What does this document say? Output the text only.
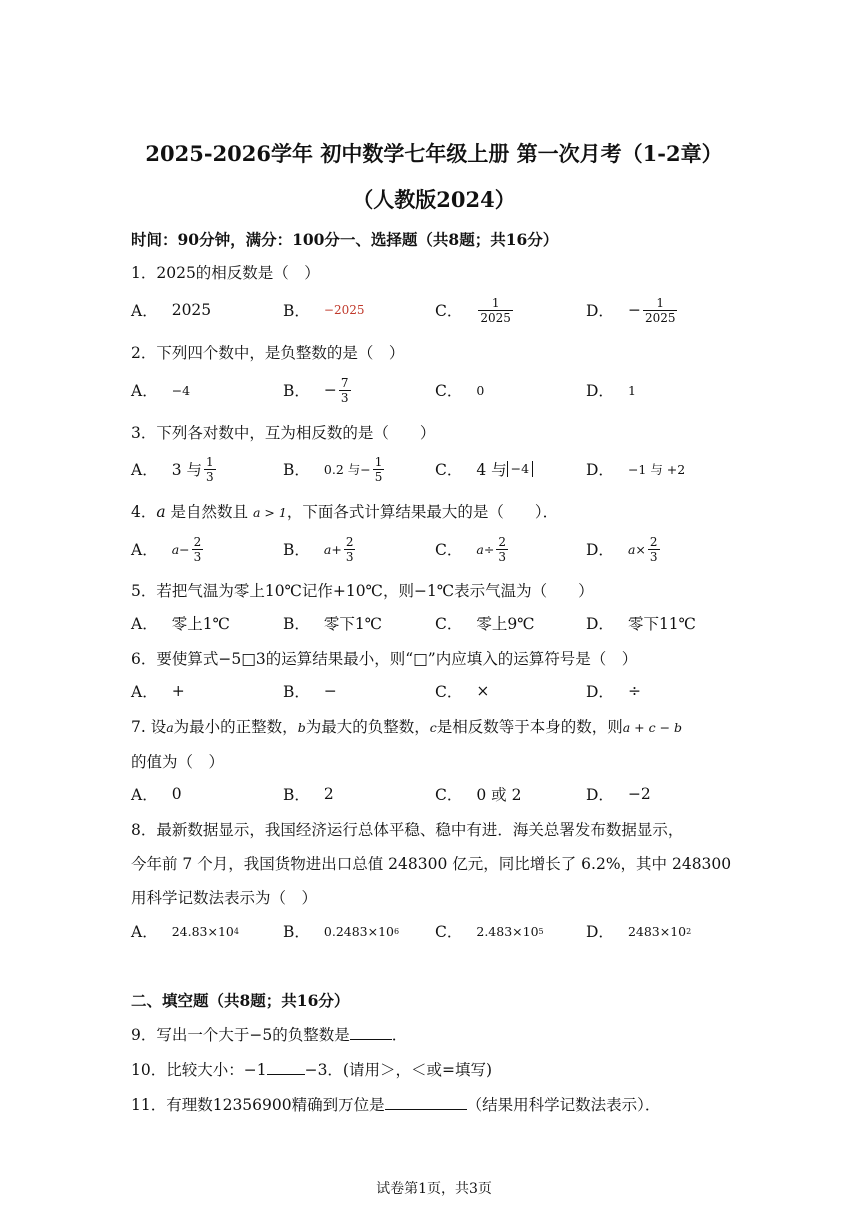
2025-2026学年 初中数学七年级上册 第一次月考（1-2章）
（人教版2024）
时间：90分钟，满分：100分一、选择题（共8题；共16分）
1．2025的相反数是（　）
A． 2025	B． −2025	C． $\frac{1}{2025}$	D． − $\frac{1}{2025}$
2．下列四个数中，是负整数的是（　）
A． −4	B． − $\frac{7}{3}$	C． 0	D． 1
3．下列各对数中，互为相反数的是（　　）
A． 3 与 $\frac{1}{3}$	B． 0.2 与− $\frac{1}{5}$	C． 4 与 −4	D． −1 与 +2
4．a 是自然数且 a > 1，下面各式计算结果最大的是（　　）．
A． $a- \frac{2}{3}$	B． $a+ \frac{2}{3}$	C． $a\div \frac{2}{3}$	D． $a\times \frac{2}{3}$
5．若把气温为零上10℃记作+10℃，则−1℃表示气温为（　　）
A． 零上1℃	B． 零下1℃	C． 零上9℃	D． 零下11℃
6．要使算式−5□3的运算结果最小，则“□”内应填入的运算符号是（　）
A． +	B． −	C． ×	D． ÷
7. 设a为最小的正整数，b为最大的负整数，c是相反数等于本身的数，则a + c − b
的值为（　）
A． 0	B． 2	C． 0 或 2	D． −2
8．最新数据显示，我国经济运行总体平稳、稳中有进．海关总署发布数据显示，
今年前 7 个月，我国货物进出口总值 248300 亿元，同比增长了 6.2%，其中 248300
用科学记数法表示为（　）
A． 24.83×10 4	B． 0.2483×10 6 C． 2.483×10 5	D． 2483×10 2
二、填空题（共8题；共16分）
9．写出一个大于−5的负整数是	．
10．比较大小：−1 −3．(请用＞，＜或=填写)
11．有理数12356900精确到万位是	（结果用科学记数法表示）．
试卷第1页，共3页
